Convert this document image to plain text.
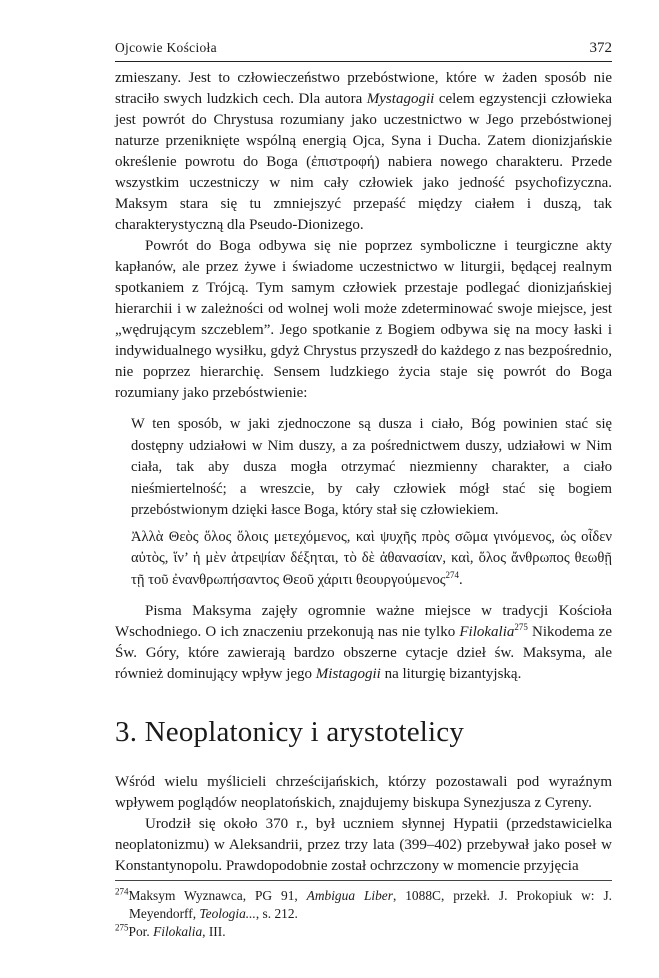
Ojcowie Kościoła	372

zmieszany. Jest to człowieczeństwo przebóstwione, które w żaden sposób nie straciło swych ludzkich cech. Dla autora Mystagogii celem egzystencji człowieka jest powrót do Chrystusa rozumiany jako uczestnictwo w Jego przebóstwionej naturze przeniknięte wspólną energią Ojca, Syna i Ducha. Zatem dionizjańskie określenie powrotu do Boga (ἐπιστροφή) nabiera nowego charakteru. Przede wszystkim uczestniczy w nim cały człowiek jako jedność psychofizyczna. Maksym stara się tu zmniejszyć przepaść między ciałem i duszą, tak charakterystyczną dla Pseudo-Dionizego.

Powrót do Boga odbywa się nie poprzez symboliczne i teurgiczne akty kapłanów, ale przez żywe i świadome uczestnictwo w liturgii, będącej realnym spotkaniem z Trójcą. Tym samym człowiek przestaje podlegać dionizjańskiej hierarchii i w zależności od wolnej woli może zdeterminować swoje miejsce, jest „wędrującym szczeblem”. Jego spotkanie z Bogiem odbywa się na mocy łaski i indywidualnego wysiłku, gdyż Chrystus przyszedł do każdego z nas bezpośrednio, nie poprzez hierarchię. Sensem ludzkiego życia staje się powrót do Boga rozumiany jako przebóstwienie:

W ten sposób, w jaki zjednoczone są dusza i ciało, Bóg powinien stać się dostępny udziałowi w Nim duszy, a za pośrednictwem duszy, udziałowi w Nim ciała, tak aby dusza mogła otrzymać niezmienny charakter, a ciało nieśmiertelność; a wreszcie, by cały człowiek mógł stać się bogiem przebóstwionym dzięki łasce Boga, który stał się człowiekiem.

Ἀλλὰ Θεὸς ὅλος ὅλοις μετεχόμενος, καὶ ψυχῆς πρὸς σῶμα γινόμενος, ὡς οἶδεν αὐτὸς, ἵν’ ἡ μὲν ἀτρεψίαν δέξηται, τὸ δὲ ἀθανασίαν, καὶ, ὅλος ἄνθρωπος θεωθῇ τῇ τοῦ ἐνανθρωπήσαντος Θεοῦ χάριτι θεουργούμενος$^{274}$.

Pisma Maksyma zajęły ogromnie ważne miejsce w tradycji Kościoła Wschodniego. O ich znaczeniu przekonują nas nie tylko Filokalia$^{275}$ Nikodema ze Św. Góry, które zawierają bardzo obszerne cytacje dzieł św. Maksyma, ale również dominujący wpływ jego Mistagogii na liturgię bizantyjską.

3. Neoplatonicy i arystotelicy

Wśród wielu myślicieli chrześcijańskich, którzy pozostawali pod wyraźnym wpływem poglądów neoplatońskich, znajdujemy biskupa Synezjusza z Cyreny.

Urodził się około 370 r., był uczniem słynnej Hypatii (przedstawicielka neoplatonizmu) w Aleksandrii, przez trzy lata (399–402) przebywał jako poseł w Konstantynopolu. Prawdopodobnie został ochrzczony w momencie przyjęcia

$^{274}$Maksym Wyznawca, PG 91, Ambigua Liber, 1088C, przekł. J. Prokopiuk w: J. Meyendorff, Teologia..., s. 212.
$^{275}$Por. Filokalia, III.
